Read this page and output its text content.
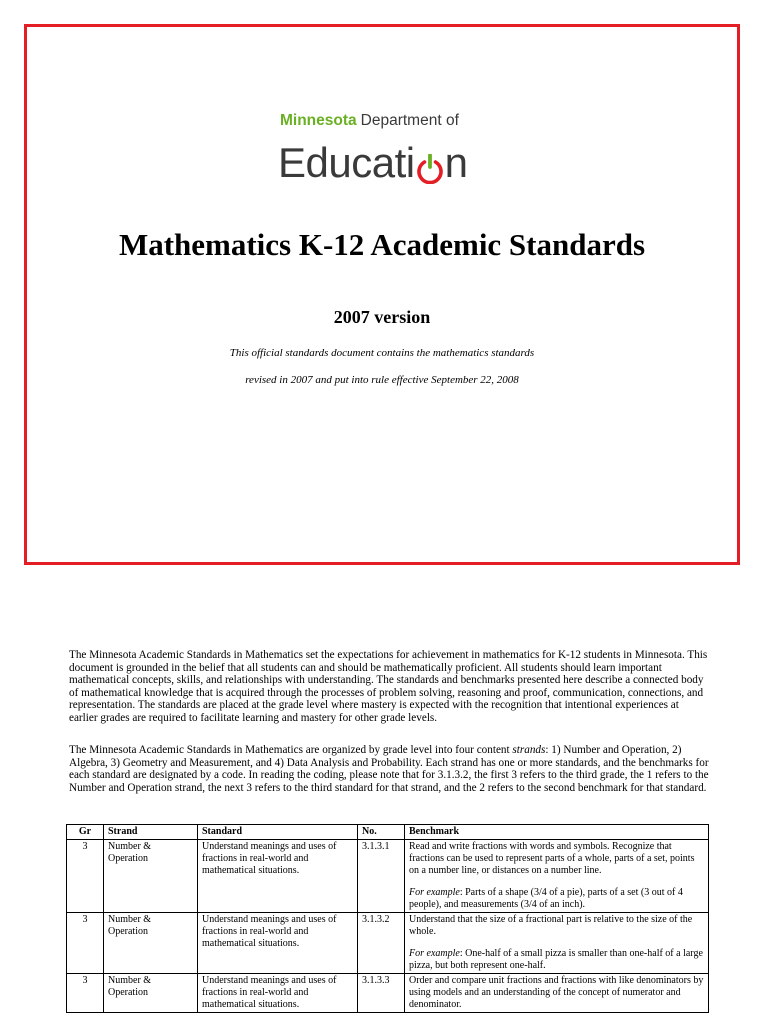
Minnesota Department of
Educati n
Mathematics K-12 Academic Standards
2007 version
This official standards document contains the mathematics standards
revised in 2007 and put into rule effective September 22, 2008

The Minnesota Academic Standards in Mathematics set the expectations for achievement in mathematics for K-12 students in Minnesota. This document is grounded in the belief that all students can and should be mathematically proficient. All students should learn important mathematical concepts, skills, and relationships with understanding. The standards and benchmarks presented here describe a connected body of mathematical knowledge that is acquired through the processes of problem solving, reasoning and proof, communication, connections, and representation. The standards are placed at the grade level where mastery is expected with the recognition that intentional experiences at earlier grades are required to facilitate learning and mastery for other grade levels.

The Minnesota Academic Standards in Mathematics are organized by grade level into four content strands: 1) Number and Operation, 2) Algebra, 3) Geometry and Measurement, and 4) Data Analysis and Probability. Each strand has one or more standards, and the benchmarks for each standard are designated by a code. In reading the coding, please note that for 3.1.3.2, the first 3 refers to the third grade, the 1 refers to the Number and Operation strand, the next 3 refers to the third standard for that strand, and the 2 refers to the second benchmark for that standard.

Gr	Strand	Standard	No.	Benchmark
3	Number & Operation	Understand meanings and uses of fractions in real-world and mathematical situations.	3.1.3.1	Read and write fractions with words and symbols. Recognize that fractions can be used to represent parts of a whole, parts of a set, points on a number line, or distances on a number line.
For example: Parts of a shape (3/4 of a pie), parts of a set (3 out of 4 people), and measurements (3/4 of an inch).

3	Number & Operation	Understand meanings and uses of fractions in real-world and mathematical situations.	3.1.3.2	Understand that the size of a fractional part is relative to the size of the whole.
For example: One-half of a small pizza is smaller than one-half of a large pizza, but both represent one-half.

3	Number & Operation	Understand meanings and uses of fractions in real-world and mathematical situations.	3.1.3.3	Order and compare unit fractions and fractions with like denominators by using models and an understanding of the concept of numerator and denominator.
